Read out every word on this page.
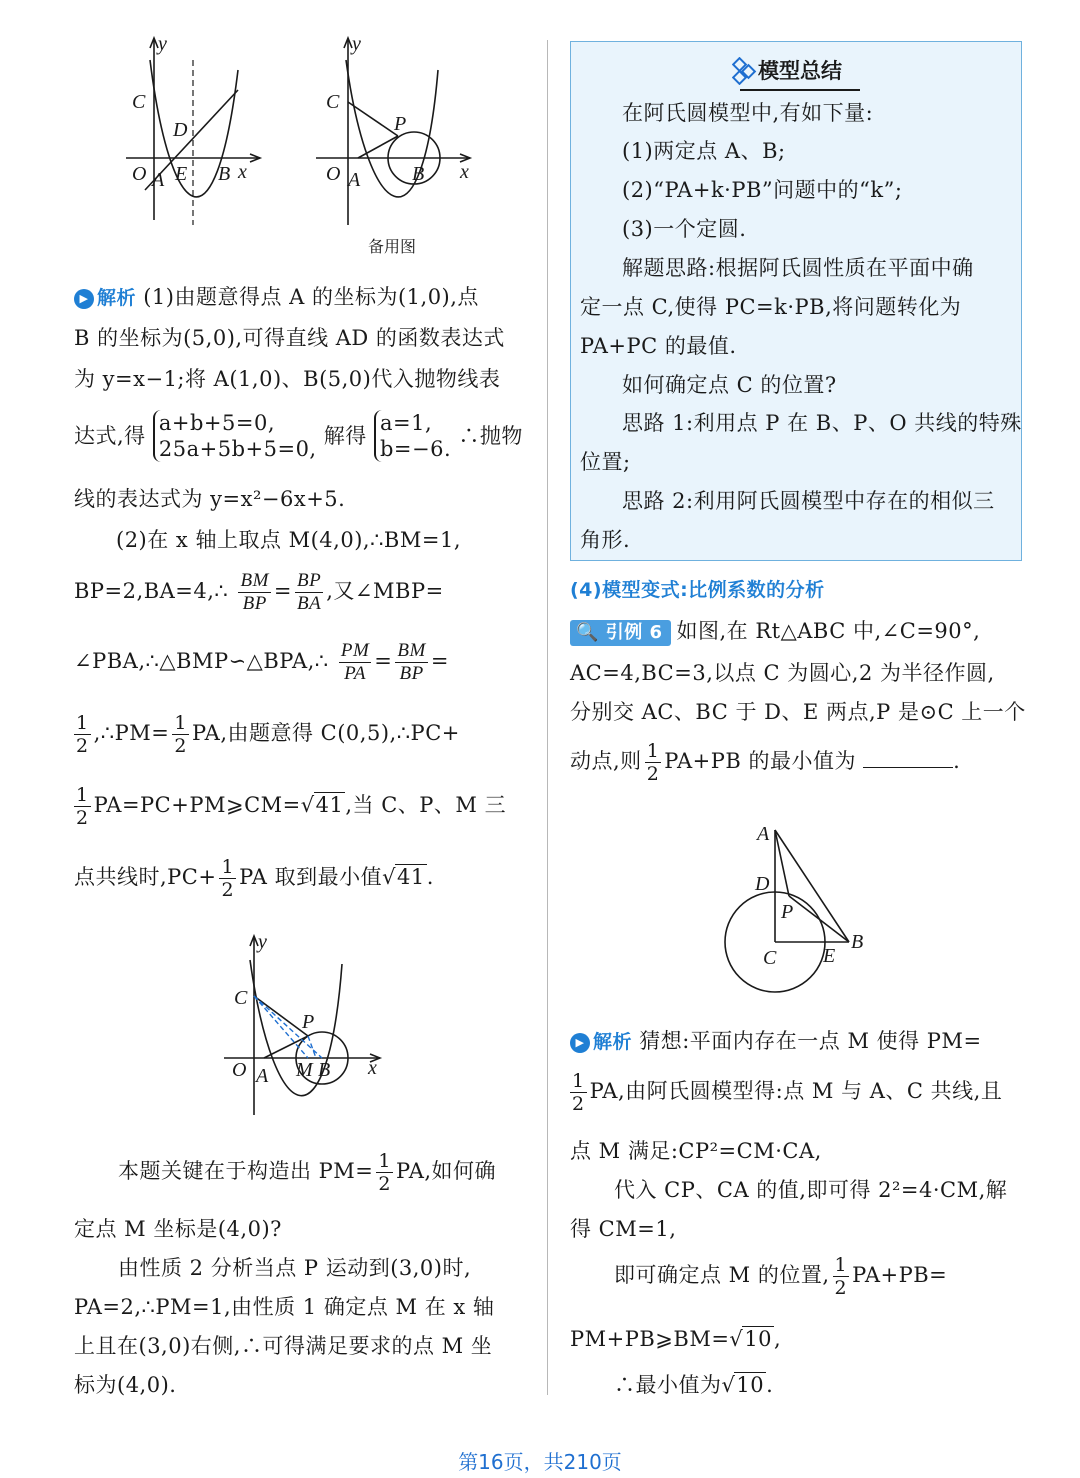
y
C
D
O A E B x
y
C
P
O A	B x
备用图
▶ 解析 (1)由题意得点 A 的坐标为(1,0),点
B 的坐标为(5,0),可得直线 AD 的函数表达式
为 y=x−1;将 A(1,0)、B(5,0)代入抛物线表
达式,得
a+b+5=0,
25a+5b+5=0,
解得
a=1,
b=−6.
∴抛物
线的表达式为 y=x²−6x+5.
(2)在 x 轴上取点 M(4,0),∴BM=1,
BP=2,BA=4,∴ $\frac{BM}{BP} = \frac{BP}{BA}$ ,又∠MBP=
∠PBA,∴△BMP∽△BPA,∴ $\frac{PM}{PA} = \frac{BM}{BP}$ =
$\frac{1}{2}$ ,∴PM= $\frac{1}{2}$ PA,由题意得 C(0,5),∴PC+
$\frac{1}{2}$ PA=PC+PM⩾CM=√41,当 C、P、M 三
点共线时$,PC+ \frac{1}{2}$ PA 取到最小值√41.
y
C
P
O A M B x
本题关键在于构造出 $PM= \frac{1}{2}$ PA,如何确
定点 M 坐标是(4,0)?
由性质 2 分析当点 P 运动到(3,0)时,
PA=2,∴PM=1,由性质 1 确定点 M 在 x 轴
上且在(3,0)右侧,∴可得满足要求的点 M 坐
标为(4,0).
模型总结
在阿氏圆模型中,有如下量:
(1)两定点 A、B;
(2)“PA+k·PB”问题中的“k”;
(3)一个定圆.
解题思路:根据阿氏圆性质在平面中确
定一点 C,使得 PC=k·PB,将问题转化为
PA+PC 的最值.
如何确定点 C 的位置?
思路 1:利用点 P 在 B、P、O 共线的特殊
位置;
思路 2:利用阿氏圆模型中存在的相似三
角形.
(4)模型变式:比例系数的分析
🔍 引例 6 如图,在 Rt△ABC 中,∠C=90°,
AC=4,BC=3,以点 C 为圆心,2 为半径作圆,
分别交 AC、BC 于 D、E 两点,P 是⊙C 上一个
动点,则 $\frac{1}{2} PA+PB$ 的最小值为	.
A
D
P
C E
B
▶ 解析 猜想:平面内存在一点 M 使得 PM=
$\frac{1}{2}$ PA,由阿氏圆模型得:点 M 与 A、C 共线,且
点 M 满足:CP²=CM·CA,
代入 CP、CA 的值,即可得 2²=4·CM,解
得 CM=1,
即可确定点 M 的位置, $\frac{1}{2} PA+PB=$
PM+PB⩾BM=√10,
∴最小值为√10.
第16页，共210页
